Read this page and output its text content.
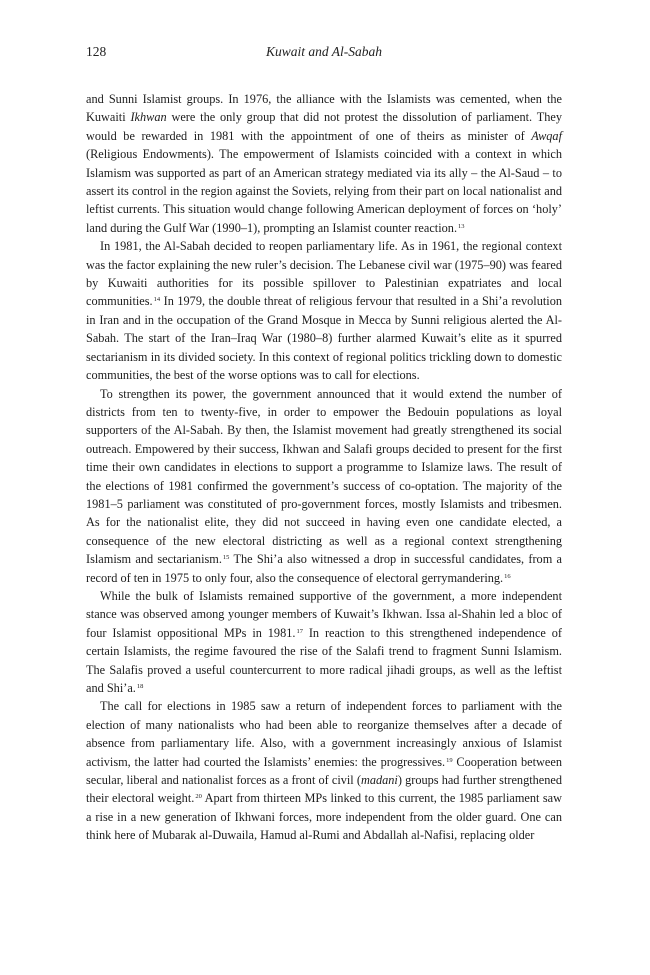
128	Kuwait and Al-Sabah

and Sunni Islamist groups. In 1976, the alliance with the Islamists was cemented, when the Kuwaiti Ikhwan were the only group that did not protest the dissolution of parliament. They would be rewarded in 1981 with the appointment of one of theirs as minister of Awqaf (Religious Endowments). The empowerment of Islamists coincided with a context in which Islamism was supported as part of an American strategy mediated via its ally – the Al-Saud – to assert its control in the region against the Soviets, relying from their part on local nationalist and leftist currents. This situation would change following American deployment of forces on ‘holy’ land during the Gulf War (1990–1), prompting an Islamist counter reaction.$^{13}$

In 1981, the Al-Sabah decided to reopen parliamentary life. As in 1961, the regional context was the factor explaining the new ruler’s decision. The Lebanese civil war (1975–90) was feared by Kuwaiti authorities for its possible spillover to Palestinian expatriates and local communities.$^{14}$ In 1979, the double threat of religious fervour that resulted in a Shi’a revolution in Iran and in the occupation of the Grand Mosque in Mecca by Sunni religious alerted the Al-Sabah. The start of the Iran–Iraq War (1980–8) further alarmed Kuwait’s elite as it spurred sectarianism in its divided society. In this context of regional politics trickling down to domestic communities, the best of the worse options was to call for elections.

To strengthen its power, the government announced that it would extend the number of districts from ten to twenty-five, in order to empower the Bedouin populations as loyal supporters of the Al-Sabah. By then, the Islamist movement had greatly strengthened its social outreach. Empowered by their success, Ikhwan and Salafi groups decided to present for the first time their own candidates in elections to support a programme to Islamize laws. The result of the elections of 1981 confirmed the government’s success of co-optation. The majority of the 1981–5 parliament was constituted of pro-government forces, mostly Islamists and tribesmen. As for the nationalist elite, they did not succeed in having even one candidate elected, a consequence of the new electoral districting as well as a regional context strengthening Islamism and sectarianism.$^{15}$ The Shi’a also witnessed a drop in successful candidates, from a record of ten in 1975 to only four, also the consequence of electoral gerrymandering.$^{16}$

While the bulk of Islamists remained supportive of the government, a more independent stance was observed among younger members of Kuwait’s Ikhwan. Issa al-Shahin led a bloc of four Islamist oppositional MPs in 1981.17 In reaction to this strengthened independence of certain Islamists, the regime favoured the rise of the Salafi trend to fragment Sunni Islamism. The Salafis proved a useful countercurrent to more radical jihadi groups, as well as the leftist and Shi’a.$^{18}$

The call for elections in 1985 saw a return of independent forces to parliament with the election of many nationalists who had been able to reorganize themselves after a decade of absence from parliamentary life. Also, with a government increasingly anxious of Islamist activism, the latter had courted the Islamists’ enemies: the progressives.$^{19}$ Cooperation between secular, liberal and nationalist forces as a front of civil (madani) groups had further strengthened their electoral weight.$^{20}$ Apart from thirteen MPs linked to this current, the 1985 parliament saw a rise in a new generation of Ikhwani forces, more independent from the older guard. One can think here of Mubarak al-Duwaila, Hamud al-Rumi and Abdallah al-Nafisi, replacing older
